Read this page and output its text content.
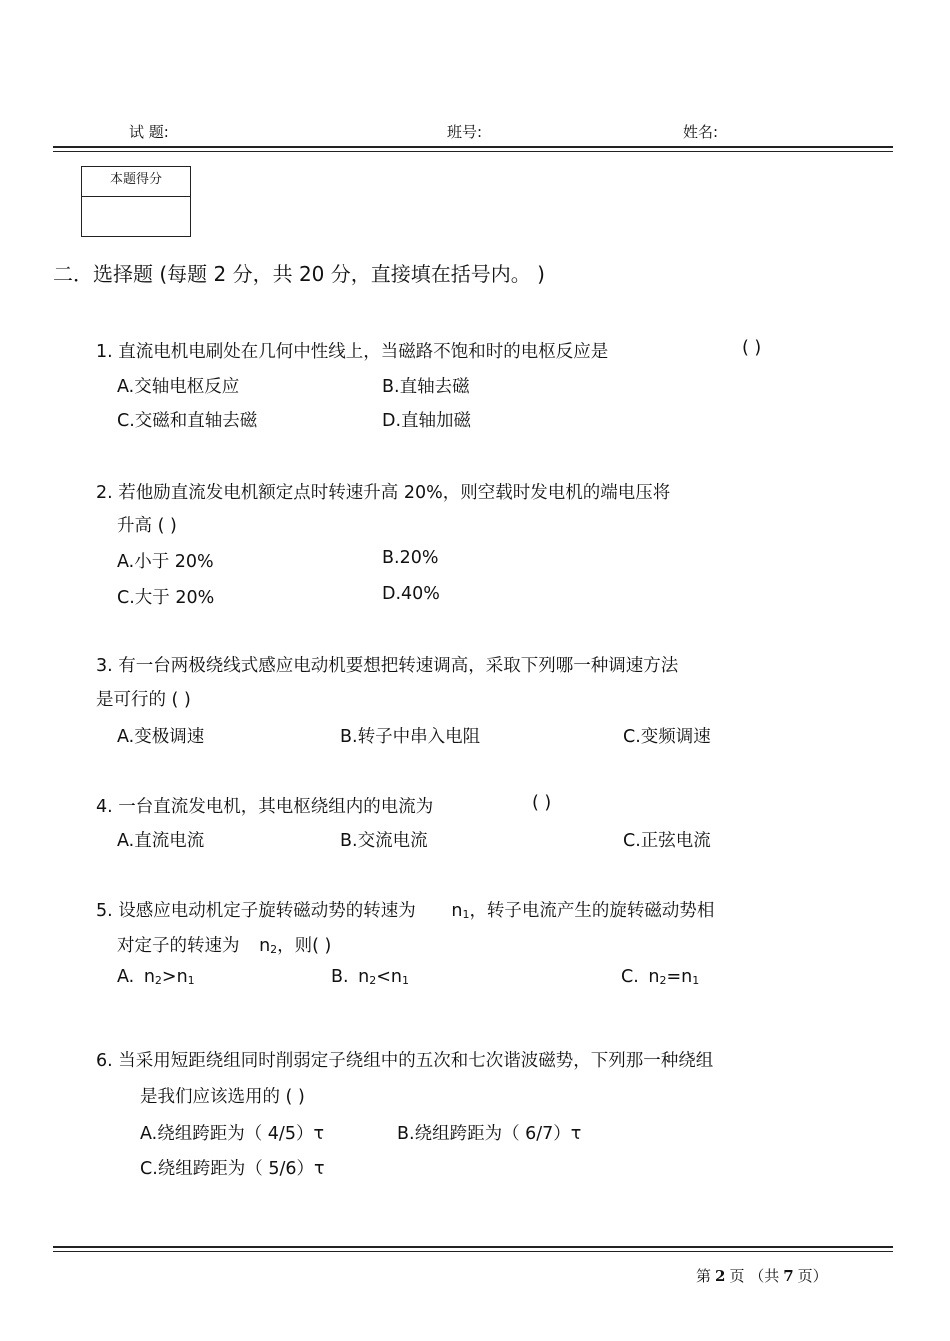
试 题:	班号:	姓名:
本题得分
二．选择题 (每题 2 分，共 20 分，直接填在括号内。 )
1. 直流电机电刷处在几何中性线上，当磁路不饱和时的电枢反应是	( )
A.交轴电枢反应	B.直轴去磁
C.交磁和直轴去磁	D.直轴加磁
2. 若他励直流发电机额定点时转速升高 20%，则空载时发电机的端电压将
升高 ( )
A.小于 20%	B.20%
C.大于 20%	D.40%
3. 有一台两极绕线式感应电动机要想把转速调高，采取下列哪一种调速方法
是可行的 ( )
A.变极调速	B.转子中串入电阻	C.变频调速
4. 一台直流发电机，其电枢绕组内的电流为	( )
A.直流电流	B.交流电流	C.正弦电流
5. 设感应电动机定子旋转磁动势的转速为 $n_1$，转子电流产生的旋转磁动势相
对定子的转速为 $n_2$，则( )
A. $n_2>n_1$	B. $n_2<n_1$	C. $n_2=n_1$
6. 当采用短距绕组同时削弱定子绕组中的五次和七次谐波磁势，下列那一种绕组
是我们应该选用的 ( )
A.绕组跨距为（ 4/5）τ	B.绕组跨距为（ 6/7）τ
C.绕组跨距为（ 5/6）τ
第 2 页 （共 7 页）
